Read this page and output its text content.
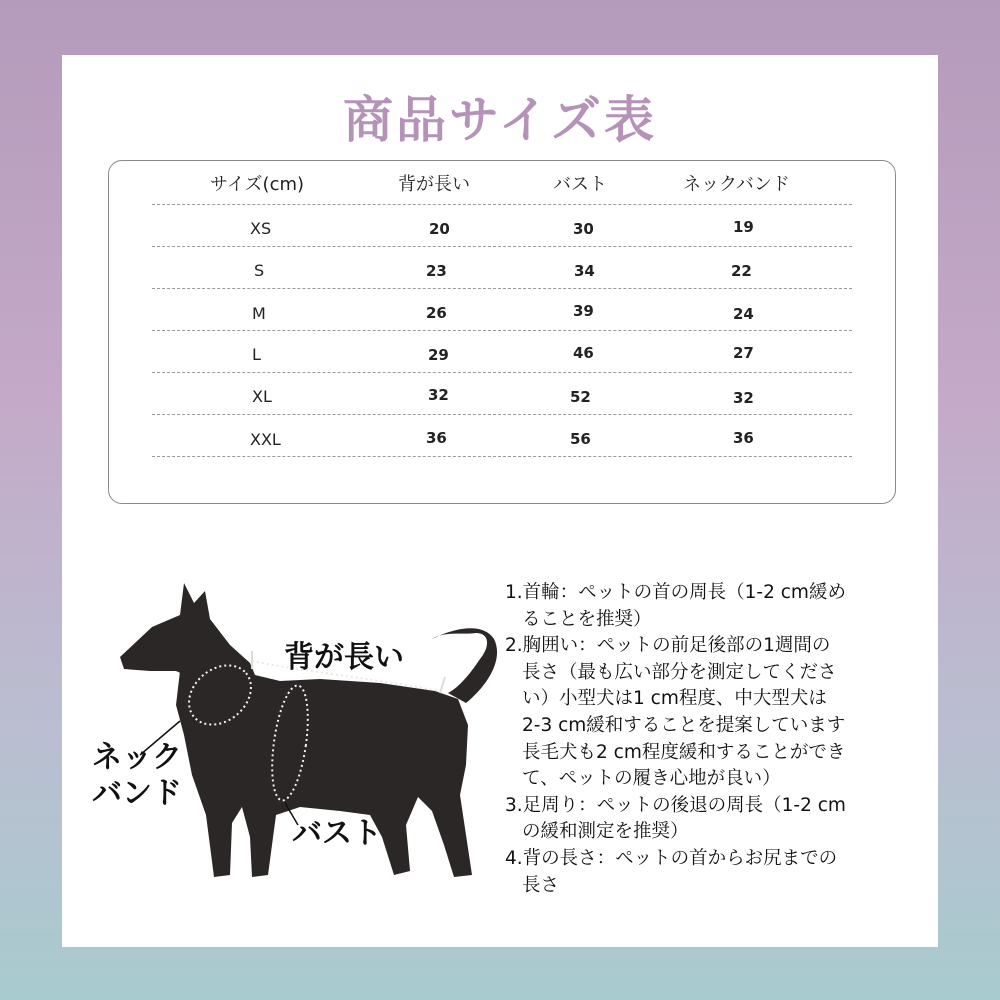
商品サイズ表
サイズ(cm)	背が長い	バスト	ネックバンド
XS	20	30	19
S	23	34	22
M	26	39	24
L	29	46	27
XL	32	52	32
XXL	36	56	36
背が長い
ネック
バンド
バスト
1.首輪：ペットの首の周長（1-2 cm緩め
ることを推奨）
2.胸囲い：ペットの前足後部の1週間の
長さ（最も広い部分を測定してくださ
い）小型犬は1 cm程度、中大型犬は
2-3 cm緩和することを提案しています
長毛犬も2 cm程度緩和することができ
て、ペットの履き心地が良い）
3.足周り：ペットの後退の周長（1-2 cm
の緩和測定を推奨）
4.背の長さ：ペットの首からお尻までの
長さ
